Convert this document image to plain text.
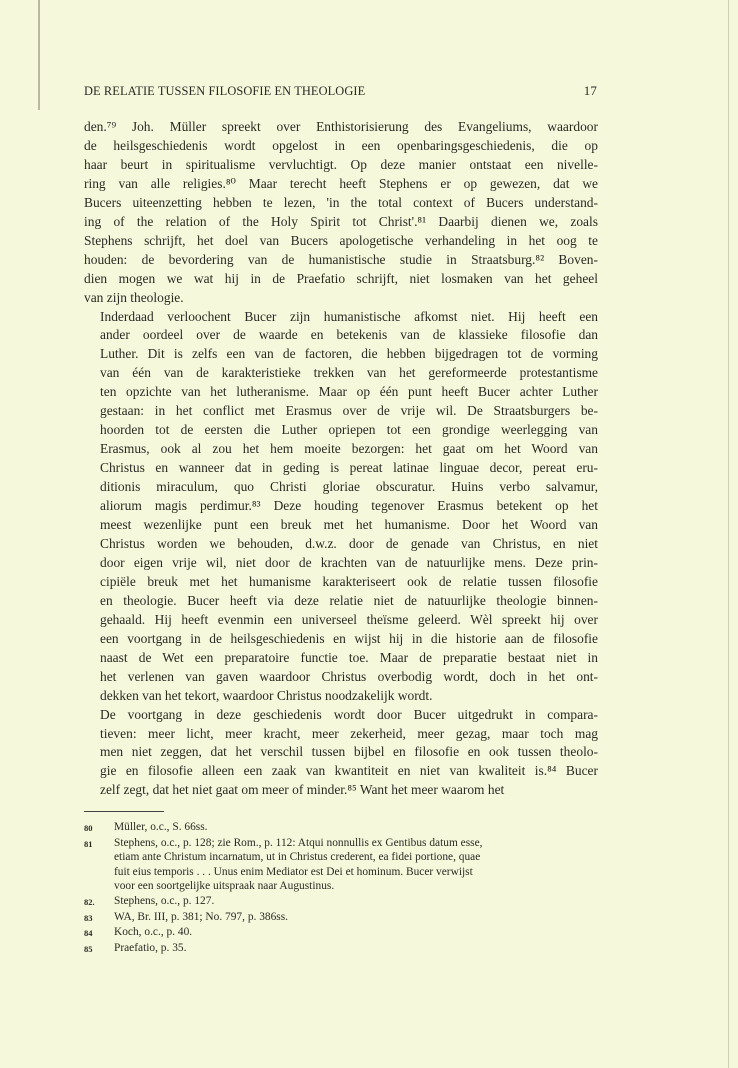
DE RELATIE TUSSEN FILOSOFIE EN THEOLOGIE	17
den.⁷⁹ Joh. Müller spreekt over Enthistorisierung des Evangeliums, waardoor
de heilsgeschiedenis wordt opgelost in een openbaringsgeschiedenis, die op
haar beurt in spiritualisme vervluchtigt. Op deze manier ontstaat een nivelle-
ring van alle religies.⁸⁰ Maar terecht heeft Stephens er op gewezen, dat we
Bucers uiteenzetting hebben te lezen, 'in the total context of Bucers understand-
ing of the relation of the Holy Spirit tot Christ'.⁸¹ Daarbij dienen we, zoals
Stephens schrijft, het doel van Bucers apologetische verhandeling in het oog te
houden: de bevordering van de humanistische studie in Straatsburg.⁸² Boven-
dien mogen we wat hij in de Praefatio schrijft, niet losmaken van het geheel
van zijn theologie.
Inderdaad verloochent Bucer zijn humanistische afkomst niet. Hij heeft een
ander oordeel over de waarde en betekenis van de klassieke filosofie dan
Luther. Dit is zelfs een van de factoren, die hebben bijgedragen tot de vorming
van één van de karakteristieke trekken van het gereformeerde protestantisme
ten opzichte van het lutheranisme. Maar op één punt heeft Bucer achter Luther
gestaan: in het conflict met Erasmus over de vrije wil. De Straatsburgers be-
hoorden tot de eersten die Luther opriepen tot een grondige weerlegging van
Erasmus, ook al zou het hem moeite bezorgen: het gaat om het Woord van
Christus en wanneer dat in geding is pereat latinae linguae decor, pereat eru-
ditionis miraculum, quo Christi gloriae obscuratur. Huins verbo salvamur,
aliorum magis perdimur.⁸³ Deze houding tegenover Erasmus betekent op het
meest wezenlijke punt een breuk met het humanisme. Door het Woord van
Christus worden we behouden, d.w.z. door de genade van Christus, en niet
door eigen vrije wil, niet door de krachten van de natuurlijke mens. Deze prin-
cipiële breuk met het humanisme karakteriseert ook de relatie tussen filosofie
en theologie. Bucer heeft via deze relatie niet de natuurlijke theologie binnen-
gehaald. Hij heeft evenmin een universeel theïsme geleerd. Wèl spreekt hij over
een voortgang in de heilsgeschiedenis en wijst hij in die historie aan de filosofie
naast de Wet een preparatoire functie toe. Maar de preparatie bestaat niet in
het verlenen van gaven waardoor Christus overbodig wordt, doch in het ont-
dekken van het tekort, waardoor Christus noodzakelijk wordt.
De voortgang in deze geschiedenis wordt door Bucer uitgedrukt in compara-
tieven: meer licht, meer kracht, meer zekerheid, meer gezag, maar toch mag
men niet zeggen, dat het verschil tussen bijbel en filosofie en ook tussen theolo-
gie en filosofie alleen een zaak van kwantiteit en niet van kwaliteit is.⁸⁴ Bucer
zelf zegt, dat het niet gaat om meer of minder.⁸⁵ Want het meer waarom het
80	Müller, o.c., S. 66ss.
81	Stephens, o.c., p. 128; zie Rom., p. 112: Atqui nonnullis ex Gentibus datum esse,
etiam ante Christum incarnatum, ut in Christus crederent, ea fidei portione, quae
fuit eius temporis . . . Unus enim Mediator est Dei et hominum. Bucer verwijst
voor een soortgelijke uitspraak naar Augustinus.
82.	Stephens, o.c., p. 127.
83	WA, Br. III, p. 381; No. 797, p. 386ss.
84	Koch, o.c., p. 40.
85	Praefatio, p. 35.
